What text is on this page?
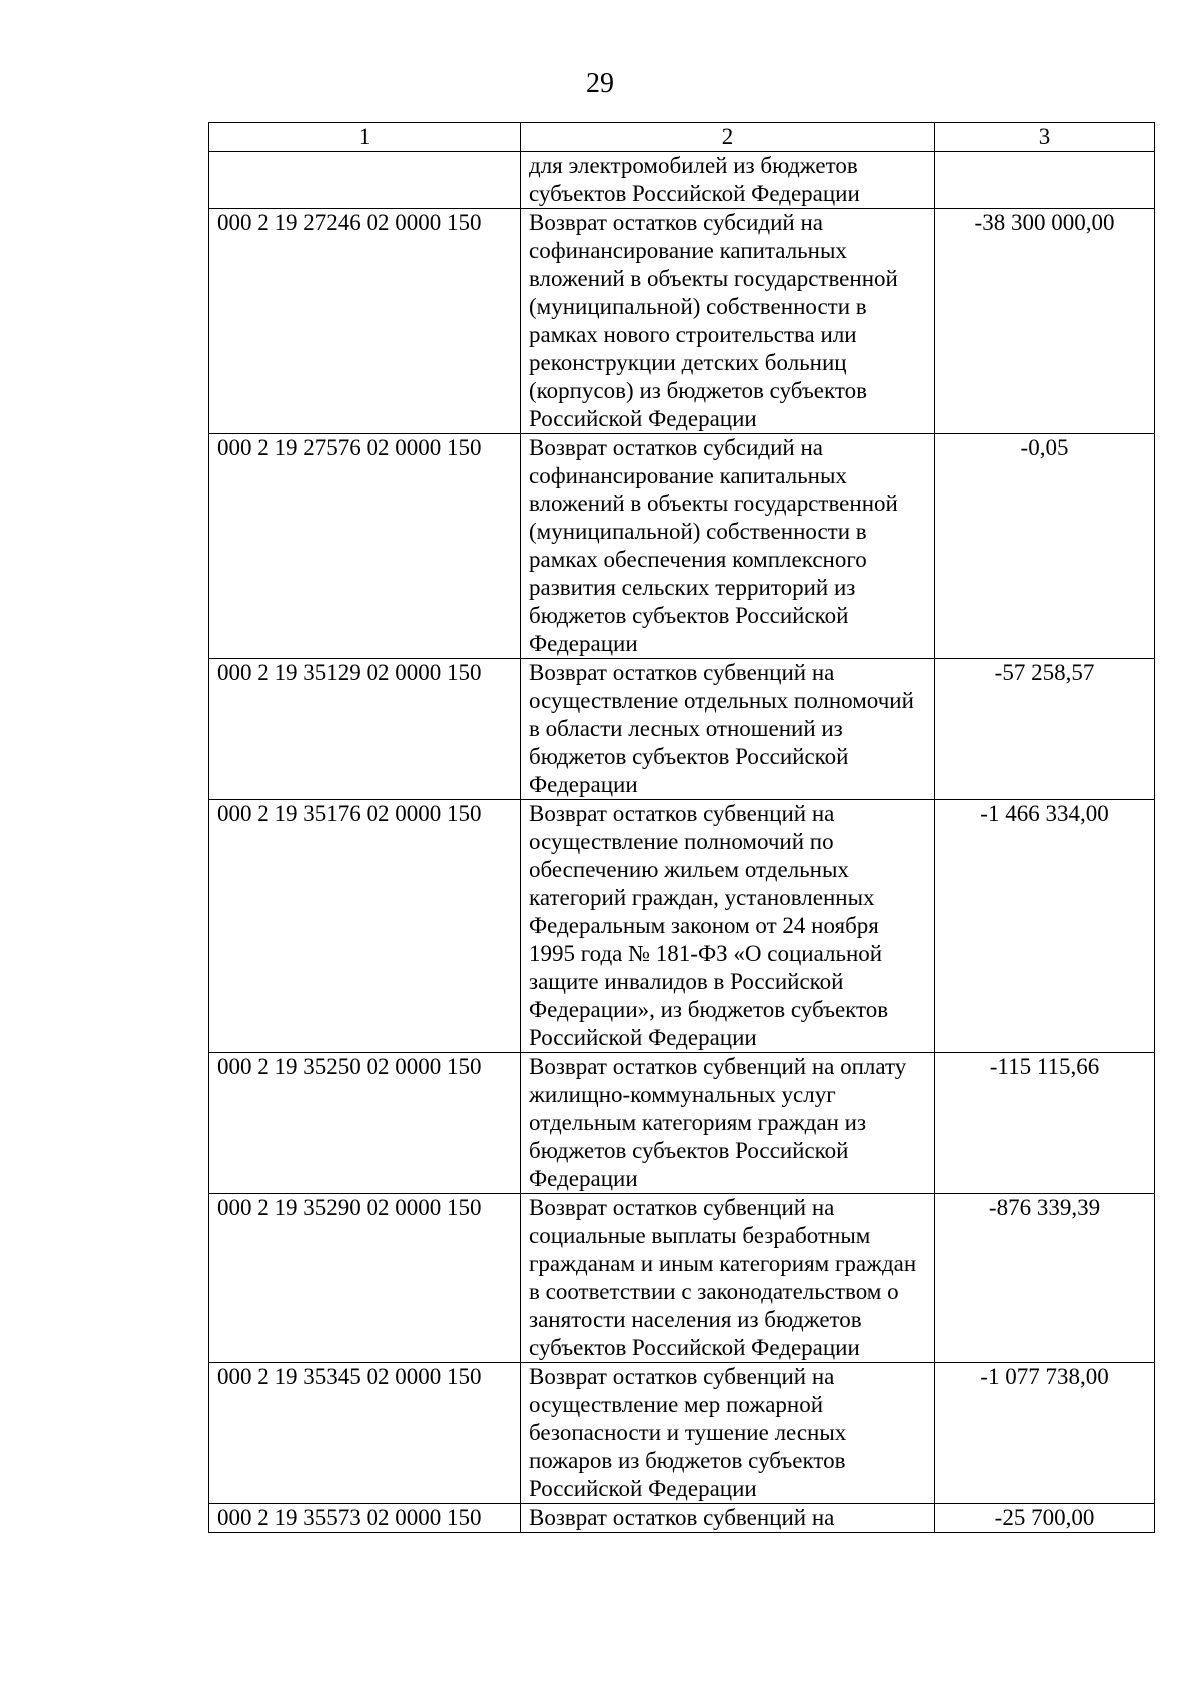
29
1	2	3
	для электромобилей из бюджетов субъектов Российской Федерации	
000 2 19 27246 02 0000 150	Возврат остатков субсидий на софинансирование капитальных вложений в объекты государственной (муниципальной) собственности в рамках нового строительства или реконструкции детских больниц (корпусов) из бюджетов субъектов Российской Федерации	-38 300 000,00
000 2 19 27576 02 0000 150	Возврат остатков субсидий на софинансирование капитальных вложений в объекты государственной (муниципальной) собственности в рамках обеспечения комплексного развития сельских территорий из бюджетов субъектов Российской Федерации	-0,05
000 2 19 35129 02 0000 150	Возврат остатков субвенций на осуществление отдельных полномочий в области лесных отношений из бюджетов субъектов Российской Федерации	-57 258,57
000 2 19 35176 02 0000 150	Возврат остатков субвенций на осуществление полномочий по обеспечению жильем отдельных категорий граждан, установленных Федеральным законом от 24 ноября 1995 года № 181-ФЗ «О социальной защите инвалидов в Российской Федерации», из бюджетов субъектов Российской Федерации	-1 466 334,00
000 2 19 35250 02 0000 150	Возврат остатков субвенций на оплату жилищно-коммунальных услуг отдельным категориям граждан из бюджетов субъектов Российской Федерации	-115 115,66
000 2 19 35290 02 0000 150	Возврат остатков субвенций на социальные выплаты безработным гражданам и иным категориям граждан в соответствии с законодательством о занятости населения из бюджетов субъектов Российской Федерации	-876 339,39
000 2 19 35345 02 0000 150	Возврат остатков субвенций на осуществление мер пожарной безопасности и тушение лесных пожаров из бюджетов субъектов Российской Федерации	-1 077 738,00
000 2 19 35573 02 0000 150	Возврат остатков субвенций на	-25 700,00
